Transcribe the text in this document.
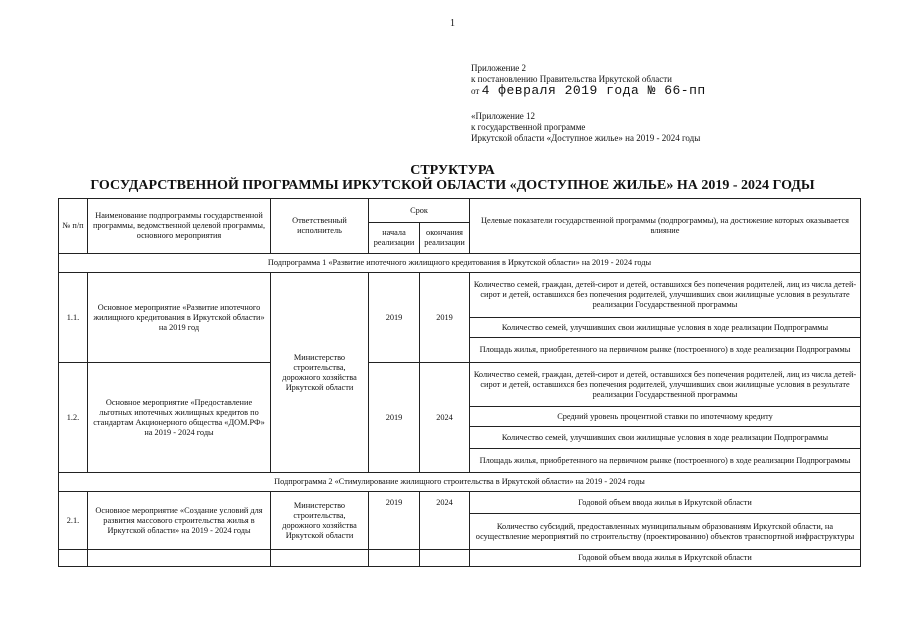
1
Приложение 2
к постановлению Правительства Иркутской области
от 4 февраля 2019 года № 66-пп
«Приложение 12
к государственной программе
Иркутской области «Доступное жилье» на 2019 - 2024 годы
СТРУКТУРА
ГОСУДАРСТВЕННОЙ ПРОГРАММЫ ИРКУТСКОЙ ОБЛАСТИ «ДОСТУПНОЕ ЖИЛЬЕ» НА 2019 - 2024 ГОДЫ
№ п/п	Наименование подпрограммы государственной программы, ведомственной целевой программы, основного мероприятия	Ответственный исполнитель	Срок		Целевые показатели государственной программы (подпрограммы), на достижение которых оказывается влияние
			начала реализации	окончания реализации	
Подпрограмма 1 «Развитие ипотечного жилищного кредитования в Иркутской области» на 2019 - 2024 годы					
1.1.	Основное мероприятие «Развитие ипотечного жилищного кредитования в Иркутской области» на 2019 год	Министерство строительства, дорожного хозяйства Иркутской области	2019	2019	Количество семей, граждан, детей-сирот и детей, оставшихся без попечения родителей, лиц из числа детей-сирот и детей, оставшихся без попечения родителей, улучшивших свои жилищные условия в результате реализации Государственной программы
					Количество семей, улучшивших свои жилищные условия в ходе реализации Подпрограммы
					Площадь жилья, приобретенного на первичном рынке (построенного) в ходе реализации Подпрограммы
1.2.	Основное мероприятие «Предоставление льготных ипотечных жилищных кредитов по стандартам Акционерного общества «ДОМ.РФ» на 2019 - 2024 годы		2019	2024	Количество семей, граждан, детей-сирот и детей, оставшихся без попечения родителей, лиц из числа детей-сирот и детей, оставшихся без попечения родителей, улучшивших свои жилищные условия в результате реализации Государственной программы
					Средний уровень процентной ставки по ипотечному кредиту
					Количество семей, улучшивших свои жилищные условия в ходе реализации Подпрограммы
					Площадь жилья, приобретенного на первичном рынке (построенного) в ходе реализации Подпрограммы
Подпрограмма 2 «Стимулирование жилищного строительства в Иркутской области» на 2019 - 2024 годы					
2.1.	Основное мероприятие «Создание условий для развития массового строительства жилья в Иркутской области» на 2019 - 2024 годы	Министерство строительства, дорожного хозяйства Иркутской области	2019	2024	Годовой объем ввода жилья в Иркутской области
					Количество субсидий, предоставленных муниципальным образованиям Иркутской области, на осуществление мероприятий по строительству (проектированию) объектов транспортной инфраструктуры
					Годовой объем ввода жилья в Иркутской области
